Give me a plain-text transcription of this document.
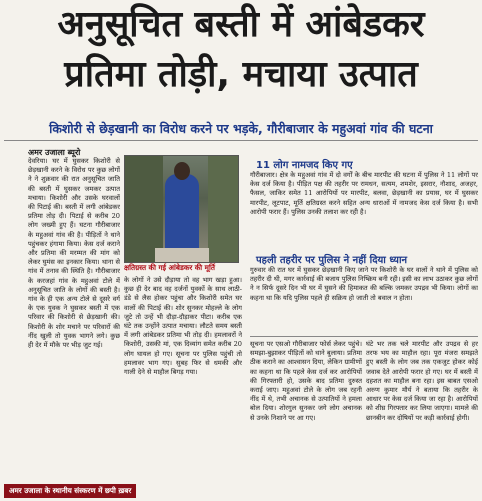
अनुसूचित बस्ती में आंबेडकर
प्रतिमा तोड़ी, मचाया उत्पात
किशोरी से छेड़खानी का विरोध करने पर भड़के, गौरीबाजार के महुअवां गांव की घटना
अमर उजाला ब्यूरो
देवरिया। घर में घुसकर किशोरी से छेड़खानी करने के विरोध पर कुछ लोगों ने ने शुक्रवार की रात अनुसूचित जाति की बस्ती में घुसकर जमकर उत्पात मचाया। किशोरी और उसके घरवालों की पिटाई की। बस्ती में लगी आंबेडकर प्रतिमा तोड़ दी। पिटाई से करीब 20 लोग जख्मी हुए हैं। घटना गौरीबाजार के महुअवां गांव की है। पीड़ितों ने थाने पहुंचकर हंगामा किया। केस दर्ज कराने और प्रतिमा की मरम्मत की मांग को लेकर घुमंस का इनकार किया। थाना से गांव में तनाव की स्थिति है। गौरीबाजार के करजहां गांव के महुअवां टोले में अनुसूचित जाति के लोगों की बस्ती है। गांव के ही एक अन्य टोले से दूसरे वर्ग के एक युवक ने घुसकर बस्ती में एक परिवार की किशोरी से छेड़खानी की। किशोरी के शोर मचाने पर परिवारों की नींद खुली तो युवक भागने लगे। कुछ ही देर में मौके पर भीड़ जुट गई।
क्षतिग्रस्त की गई आंबेडकर की मूर्ति
के लोगों ने उसे दौड़ाया तो वह भाग खड़ा हुआ। कुछ ही देर बाद वह दर्जनों युवकों के साथ लाठी-डंडे से लैस होकर पहुंचा और किशोरी समेत घर वालों की पिटाई की। शोर सुनकर मोहल्ले के लोग जुटे तो उन्हें भी दौड़ा-दौड़ाकर पीटा। करीब एक घंटे तक उन्होंने उत्पात मचाया। लौटते समय बस्ती में लगी आंबेडकर प्रतिमा भी तोड़ दी। हमलावरों ने किशोरी, उसकी मां, एक दिव्यांग समेत करीब 20 लोग घायल हो गए। सूचना पर पुलिस पहुंची तो हमलावर भाग गए। सुबह फिर से धमकी और गाली देने से माहौल बिगड़ गया।
11 लोग नामजद किए गए
गौरीबाजार। क्षेत्र के महुअवां गांव में दो वर्गों के बीच मारपीट की घटना में पुलिस ने 11 लोगों पर केस दर्ज किया है। पीड़ित पक्ष की तहरीर पर रामधन, सत्यम, शमशेर, इसरार, नौशाद, अजहर, फैसल, जाकिर समेत 11 आरोपियों पर मारपीट, बलवा, छेड़खानी का प्रयास, घर में घुसकर मारपीट, लूटपाट, मूर्ति क्षतिग्रस्त करने सहित अन्य धाराओं में नामजद केस दर्ज किया है। सभी आरोपी फरार हैं। पुलिस उनकी तलाश कर रही है।
पहली तहरीर पर पुलिस ने नहीं दिया ध्यान
गुरुवार की रात घर में घुसकर छेड़खानी किए जाने पर किशोरी के घर वालों ने थाने में पुलिस को तहरीर दी थी, मगर कार्रवाई की बजाय पुलिस निष्क्रिय बनी रही। इसी का लाभ उठाकर कुछ लोगों ने न सिर्फ दूसरे दिन भी घर में घुसने की हिमाकत की बल्कि जमकर उपद्रव भी किया। लोगों का कहना था कि यदि पुलिस पहले ही सक्रिय हो जाती तो बवाल न होता।
सूचना पर एसओ गौरीबाजार फोर्स लेकर पहुंचे। समझा-बुझाकर पीड़ितों को थाने बुलाया। प्रतिमा ठीक कराने का आश्वासन दिया, लेकिन ग्रामीणों का कहना था कि पहले केस दर्ज कर आरोपियों की गिरफ्तारी हो, उसके बाद प्रतिमा दुरुस्त कराई जाए। महुअवां टोले के लोग जब रहनी नींद में थे, तभी अचानक से उत्पातियों ने हमला बोल दिया। शोरगुल सुनकर जगे लोग अचानक से उनके निशाने पर आ गए।
घंटे भर तक चले मारपीट और उपद्रव से हर तरफ भय का माहौल रहा। पूरा मंजरा समझते हुए बस्ती के लोग जब तक एकजुट होकर कोई जवाब देते आरोपी फरार हो गए। घर में बस्ती में दहशत का माहौल बना रहा। इस बाबत एसओ अरुण कुमार मौर्य ने बताया कि तहरीर के आधार पर केस दर्ज किया जा रहा है। आरोपियों को शीघ्र गिरफ्तार कर लिया जाएगा। मामले की छानबीन कर दोषियों पर कड़ी कार्रवाई होगी।
अमर उजाला के स्थानीय संस्करण में छपी ख़बर
